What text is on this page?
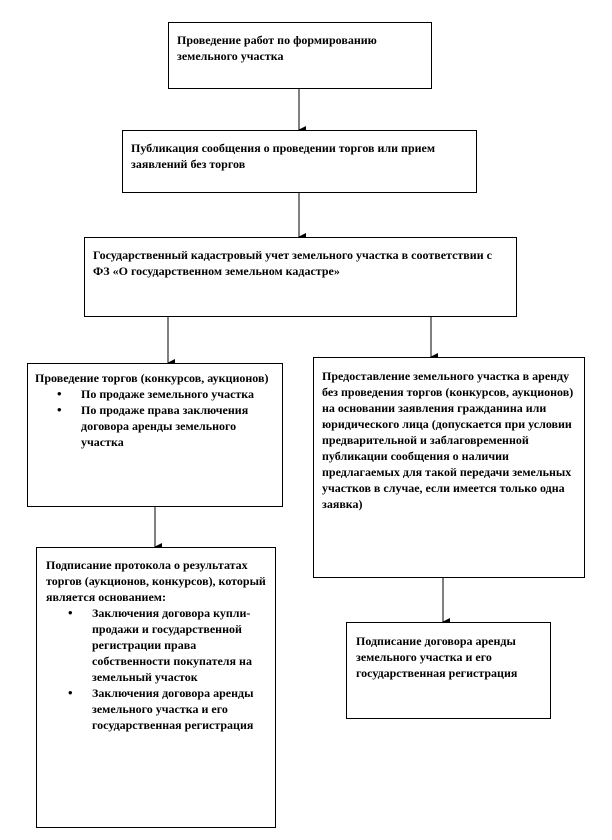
Проведение работ по формированию земельного участка

Публикация сообщения о проведении торгов или прием заявлений без торгов

Государственный кадастровый учет земельного участка в соответствии с ФЗ «О государственном земельном кадастре»

Проведение торгов (конкурсов, аукционов)

• По продаже земельного участка
• По продаже права заключения договора аренды земельного участка

Предоставление земельного участка в аренду без проведения торгов (конкурсов, аукционов) на основании заявления гражданина или юридического лица (допускается при условии предварительной и заблаговременной публикации сообщения о наличии предлагаемых для такой передачи земельных участков в случае, если имеется только одна заявка)

Подписание протокола о результатах торгов (аукционов, конкурсов), который является основанием:

• Заключения договора купли-продажи и государственной регистрации права собственности покупателя на земельный участок
• Заключения договора аренды земельного участка и его государственная регистрация

Подписание договора аренды земельного участка и его государственная регистрация
